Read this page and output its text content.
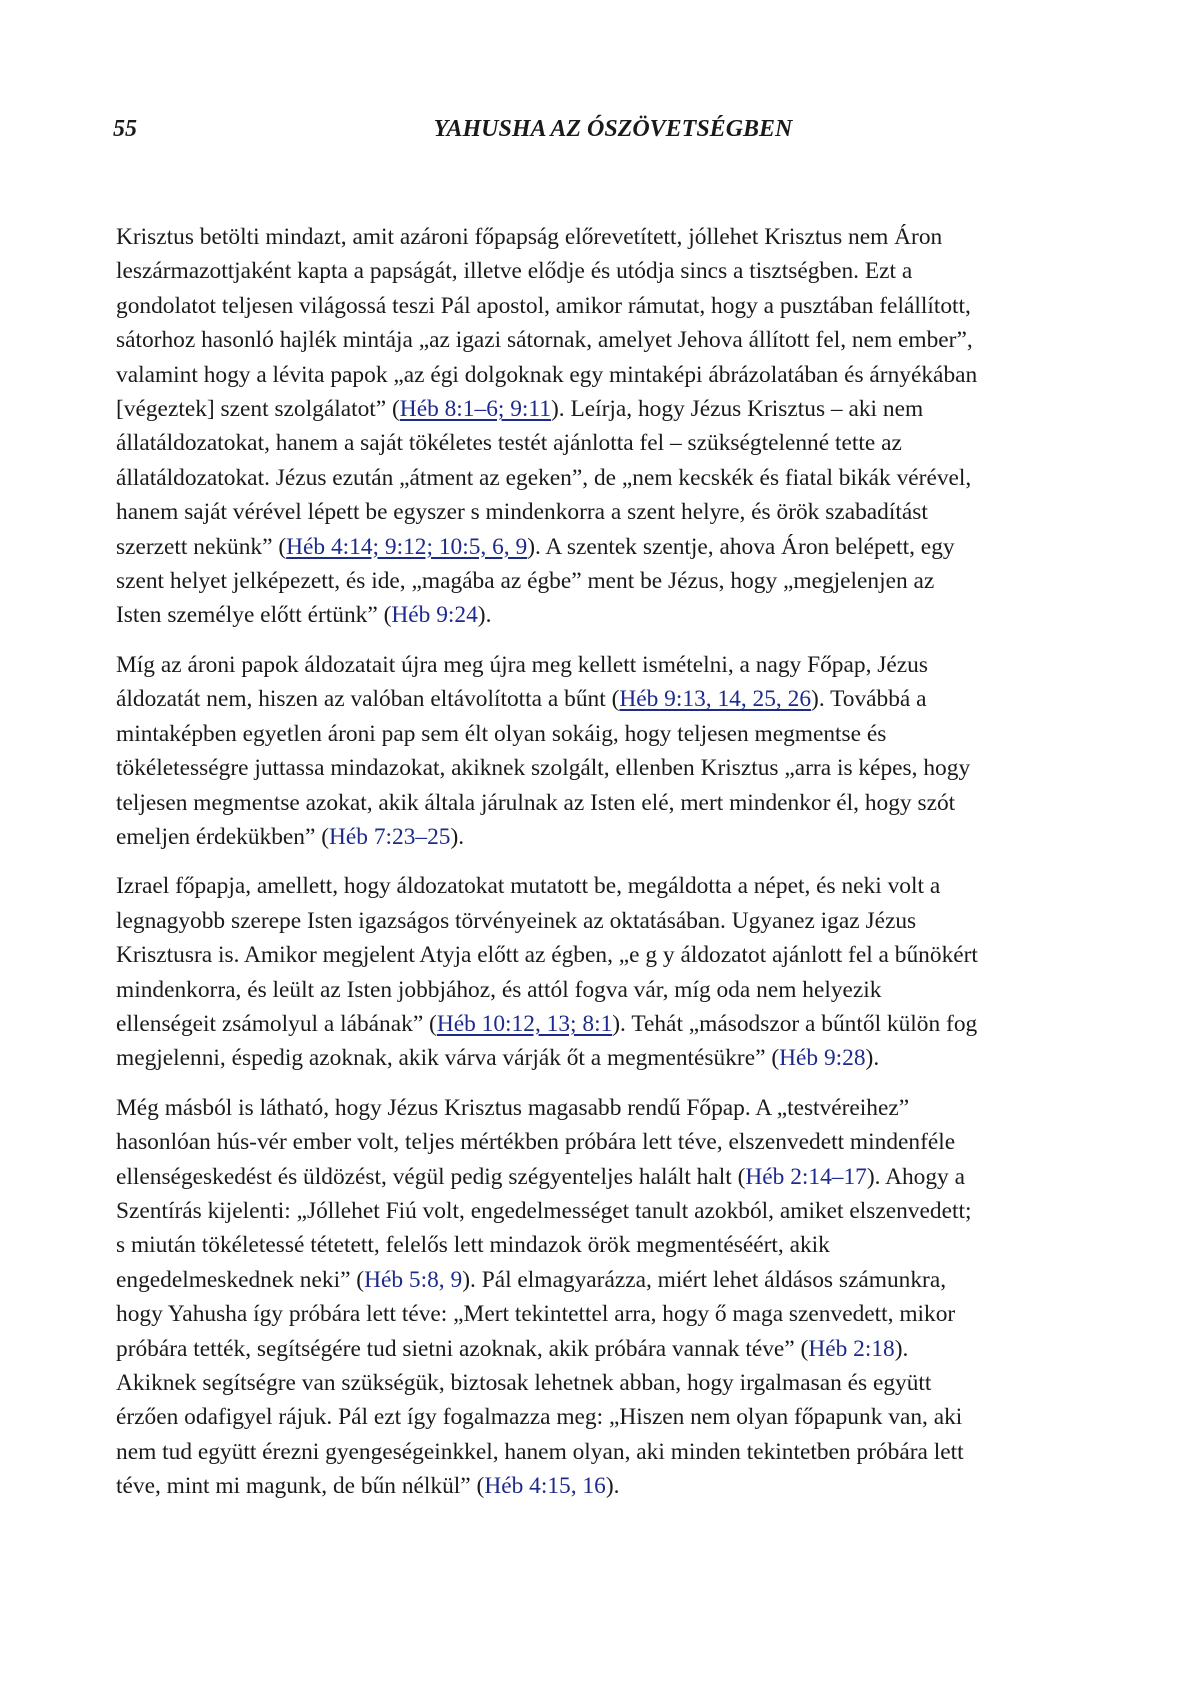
55	YAHUSHA AZ ÓSZÖVETSÉGBEN

Krisztus betölti mindazt, amit azároni főpapság előrevetített, jóllehet Krisztus nem Áron
leszármazottjaként kapta a papságát, illetve elődje és utódja sincs a tisztségben. Ezt a
gondolatot teljesen világossá teszi Pál apostol, amikor rámutat, hogy a pusztában felállított,
sátorhoz hasonló hajlék mintája „az igazi sátornak, amelyet Jehova állított fel, nem ember”,
valamint hogy a lévita papok „az égi dolgoknak egy mintaképi ábrázolatában és árnyékában
[végeztek] szent szolgálatot” (Héb 8:1–6; 9:11). Leírja, hogy Jézus Krisztus – aki nem
állatáldozatokat, hanem a saját tökéletes testét ajánlotta fel – szükségtelenné tette az
állatáldozatokat. Jézus ezután „átment az egeken”, de „nem kecskék és fiatal bikák vérével,
hanem saját vérével lépett be egyszer s mindenkorra a szent helyre, és örök szabadítást
szerzett nekünk” (Héb 4:14; 9:12; 10:5, 6, 9). A szentek szentje, ahova Áron belépett, egy
szent helyet jelképezett, és ide, „magába az égbe” ment be Jézus, hogy „megjelenjen az
Isten személye előtt értünk” (Héb 9:24).

Míg az ároni papok áldozatait újra meg újra meg kellett ismételni, a nagy Főpap, Jézus
áldozatát nem, hiszen az valóban eltávolította a bűnt (Héb 9:13, 14, 25, 26). Továbbá a
mintaképben egyetlen ároni pap sem élt olyan sokáig, hogy teljesen megmentse és
tökéletességre juttassa mindazokat, akiknek szolgált, ellenben Krisztus „arra is képes, hogy
teljesen megmentse azokat, akik általa járulnak az Isten elé, mert mindenkor él, hogy szót
emeljen érdekükben” (Héb 7:23–25).

Izrael főpapja, amellett, hogy áldozatokat mutatott be, megáldotta a népet, és neki volt a
legnagyobb szerepe Isten igazságos törvényeinek az oktatásában. Ugyanez igaz Jézus
Krisztusra is. Amikor megjelent Atyja előtt az égben, „e g y áldozatot ajánlott fel a bűnökért
mindenkorra, és leült az Isten jobbjához, és attól fogva vár, míg oda nem helyezik
ellenségeit zsámolyul a lábának” (Héb 10:12, 13; 8:1). Tehát „másodszor a bűntől külön fog
megjelenni, éspedig azoknak, akik várva várják őt a megmentésükre” (Héb 9:28).

Még másból is látható, hogy Jézus Krisztus magasabb rendű Főpap. A „testvéreihez”
hasonlóan hús-vér ember volt, teljes mértékben próbára lett téve, elszenvedett mindenféle
ellenségeskedést és üldözést, végül pedig szégyenteljes halált halt (Héb 2:14–17). Ahogy a
Szentírás kijelenti: „Jóllehet Fiú volt, engedelmességet tanult azokból, amiket elszenvedett;
s miután tökéletessé tétetett, felelős lett mindazok örök megmentéséért, akik
engedelmeskednek neki” (Héb 5:8, 9). Pál elmagyarázza, miért lehet áldásos számunkra,
hogy Yahusha így próbára lett téve: „Mert tekintettel arra, hogy ő maga szenvedett, mikor
próbára tették, segítségére tud sietni azoknak, akik próbára vannak téve” (Héb 2:18).
Akiknek segítségre van szükségük, biztosak lehetnek abban, hogy irgalmasan és együtt
érzően odafigyel rájuk. Pál ezt így fogalmazza meg: „Hiszen nem olyan főpapunk van, aki
nem tud együtt érezni gyengeségeinkkel, hanem olyan, aki minden tekintetben próbára lett
téve, mint mi magunk, de bűn nélkül” (Héb 4:15, 16).
